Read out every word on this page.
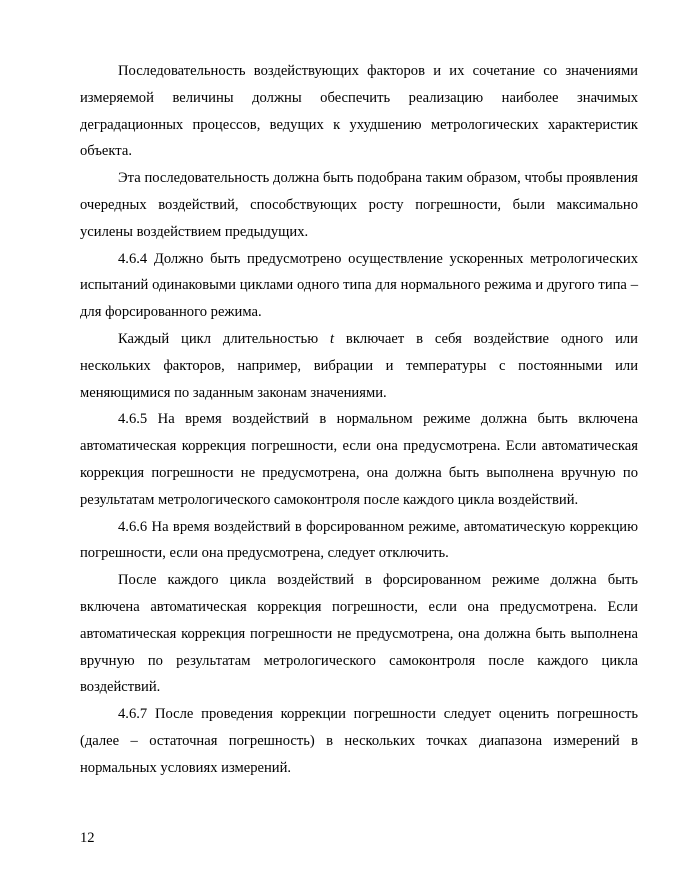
Последовательность воздействующих факторов и их сочетание со значениями измеряемой величины должны обеспечить реализацию наиболее значимых деградационных процессов, ведущих к ухудшению метрологических характеристик объекта.

Эта последовательность должна быть подобрана таким образом, чтобы проявления очередных воздействий, способствующих росту погрешности, были максимально усилены воздействием предыдущих.

4.6.4 Должно быть предусмотрено осуществление ускоренных метрологических испытаний одинаковыми циклами одного типа для нормального режима и другого типа – для форсированного режима.

Каждый цикл длительностью t включает в себя воздействие одного или нескольких факторов, например, вибрации и температуры с постоянными или меняющимися по заданным законам значениями.

4.6.5 На время воздействий в нормальном режиме должна быть включена автоматическая коррекция погрешности, если она предусмотрена. Если автоматическая коррекция погрешности не предусмотрена, она должна быть выполнена вручную по результатам метрологического самоконтроля после каждого цикла воздействий.

4.6.6 На время воздействий в форсированном режиме, автоматическую коррекцию погрешности, если она предусмотрена, следует отключить.

После каждого цикла воздействий в форсированном режиме должна быть включена автоматическая коррекция погрешности, если она предусмотрена. Если автоматическая коррекция погрешности не предусмотрена, она должна быть выполнена вручную по результатам метрологического самоконтроля после каждого цикла воздействий.

4.6.7 После проведения коррекции погрешности следует оценить погрешность (далее – остаточная погрешность) в нескольких точках диапазона измерений в нормальных условиях измерений.

12
